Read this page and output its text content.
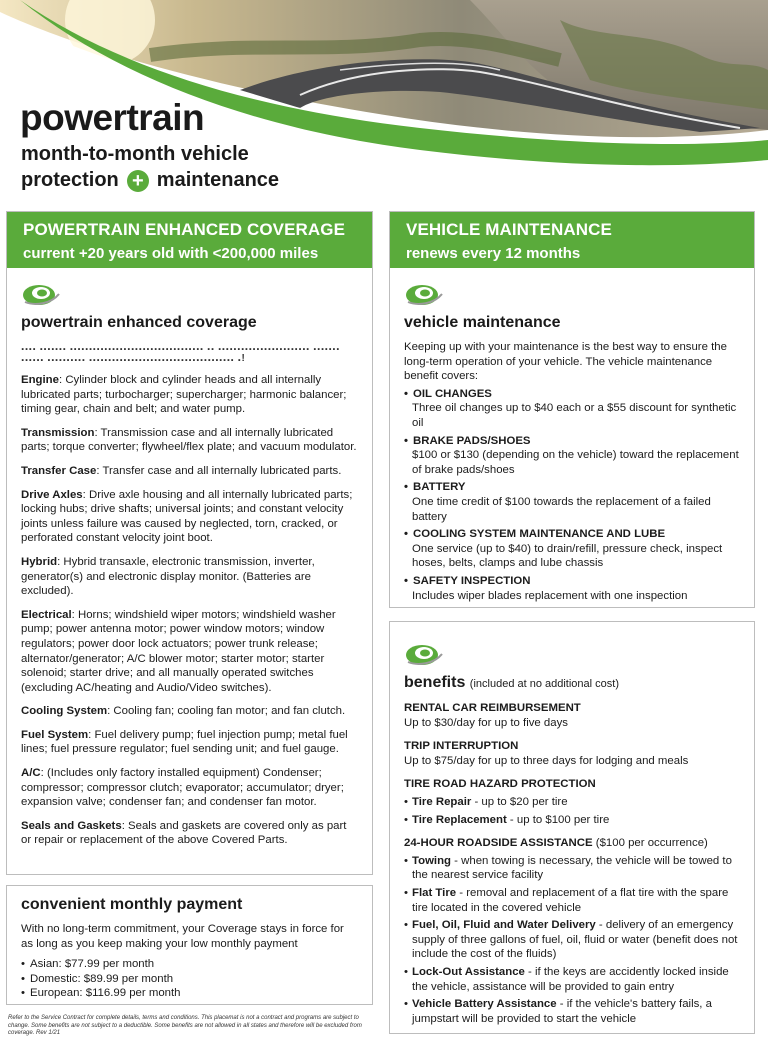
powertrain
month-to-month vehicle
protection + maintenance
POWERTRAIN ENHANCED COVERAGE
current +20 years old with <200,000 miles
powertrain enhanced coverage
․․․․ ․․․․․․․ ․․․․․․․․․․․․․․․․․․․․․․․․․․․․․․․․․․․ ․․ ․․․․․․․․․․․․․․․․․․․․․․․․ ․․․․․․․ ․․․․․․ ․․․․․․․․․․ ․․․․․․․․․․․․․․․․․․․․․․․․․․․․․․․․․․․․․․ ․!
Engine: Cylinder block and cylinder heads and all internally lubricated parts; turbocharger; supercharger; harmonic balancer; timing gear, chain and belt; and water pump.
Transmission: Transmission case and all internally lubricated parts; torque converter; flywheel/flex plate; and vacuum modulator.
Transfer Case: Transfer case and all internally lubricated parts.
Drive Axles: Drive axle housing and all internally lubricated parts; locking hubs; drive shafts; universal joints; and constant velocity joints unless failure was caused by neglected, torn, cracked, or perforated constant velocity joint boot.
Hybrid: Hybrid transaxle, electronic transmission, inverter, generator(s) and electronic display monitor. (Batteries are excluded).
Electrical: Horns; windshield wiper motors; windshield washer pump; power antenna motor; power window motors; window regulators; power door lock actuators; power trunk release; alternator/generator; A/C blower motor; starter motor; starter solenoid; starter drive; and all manually operated switches (excluding AC/heating and Audio/Video switches).
Cooling System: Cooling fan; cooling fan motor; and fan clutch.
Fuel System: Fuel delivery pump; fuel injection pump; metal fuel lines; fuel pressure regulator; fuel sending unit; and fuel gauge.
A/C: (Includes only factory installed equipment) Condenser; compressor; compressor clutch; evaporator; accumulator; dryer; expansion valve; condenser fan; and condenser fan motor.
Seals and Gaskets: Seals and gaskets are covered only as part or repair or replacement of the above Covered Parts.
convenient monthly payment
With no long-term commitment, your Coverage stays in force for as long as you keep making your low monthly payment
• Asian: $77.99 per month
• Domestic: $89.99 per month
• European: $116.99 per month
Refer to the Service Contract for complete details, terms and conditions. This placemat is not a contract and programs are subject to change. Some benefits are not subject to a deductible. Some benefits are not allowed in all states and therefore will be excluded from coverage. Rev 1/21
VEHICLE MAINTENANCE
renews every 12 months
vehicle maintenance
Keeping up with your maintenance is the best way to ensure the long-term operation of your vehicle. The vehicle maintenance benefit covers:
• OIL CHANGES
Three oil changes up to $40 each or a $55 discount for synthetic oil
• BRAKE PADS/SHOES
$100 or $130 (depending on the vehicle) toward the replacement of brake pads/shoes
• BATTERY
One time credit of $100 towards the replacement of a failed battery
• COOLING SYSTEM MAINTENANCE AND LUBE
One service (up to $40) to drain/refill, pressure check, inspect hoses, belts, clamps and lube chassis
• SAFETY INSPECTION
Includes wiper blades replacement with one inspection
benefits (included at no additional cost)
RENTAL CAR REIMBURSEMENT
Up to $30/day for up to five days
TRIP INTERRUPTION
Up to $75/day for up to three days for lodging and meals
TIRE ROAD HAZARD PROTECTION
• Tire Repair - up to $20 per tire
• Tire Replacement - up to $100 per tire
24-HOUR ROADSIDE ASSISTANCE ($100 per occurrence)
• Towing - when towing is necessary, the vehicle will be towed to the nearest service facility
• Flat Tire - removal and replacement of a flat tire with the spare tire located in the covered vehicle
• Fuel, Oil, Fluid and Water Delivery - delivery of an emergency supply of three gallons of fuel, oil, fluid or water (benefit does not include the cost of the fluids)
• Lock-Out Assistance - if the keys are accidently locked inside the vehicle, assistance will be provided to gain entry
• Vehicle Battery Assistance - if the vehicle's battery fails, a jumpstart will be provided to start the vehicle
